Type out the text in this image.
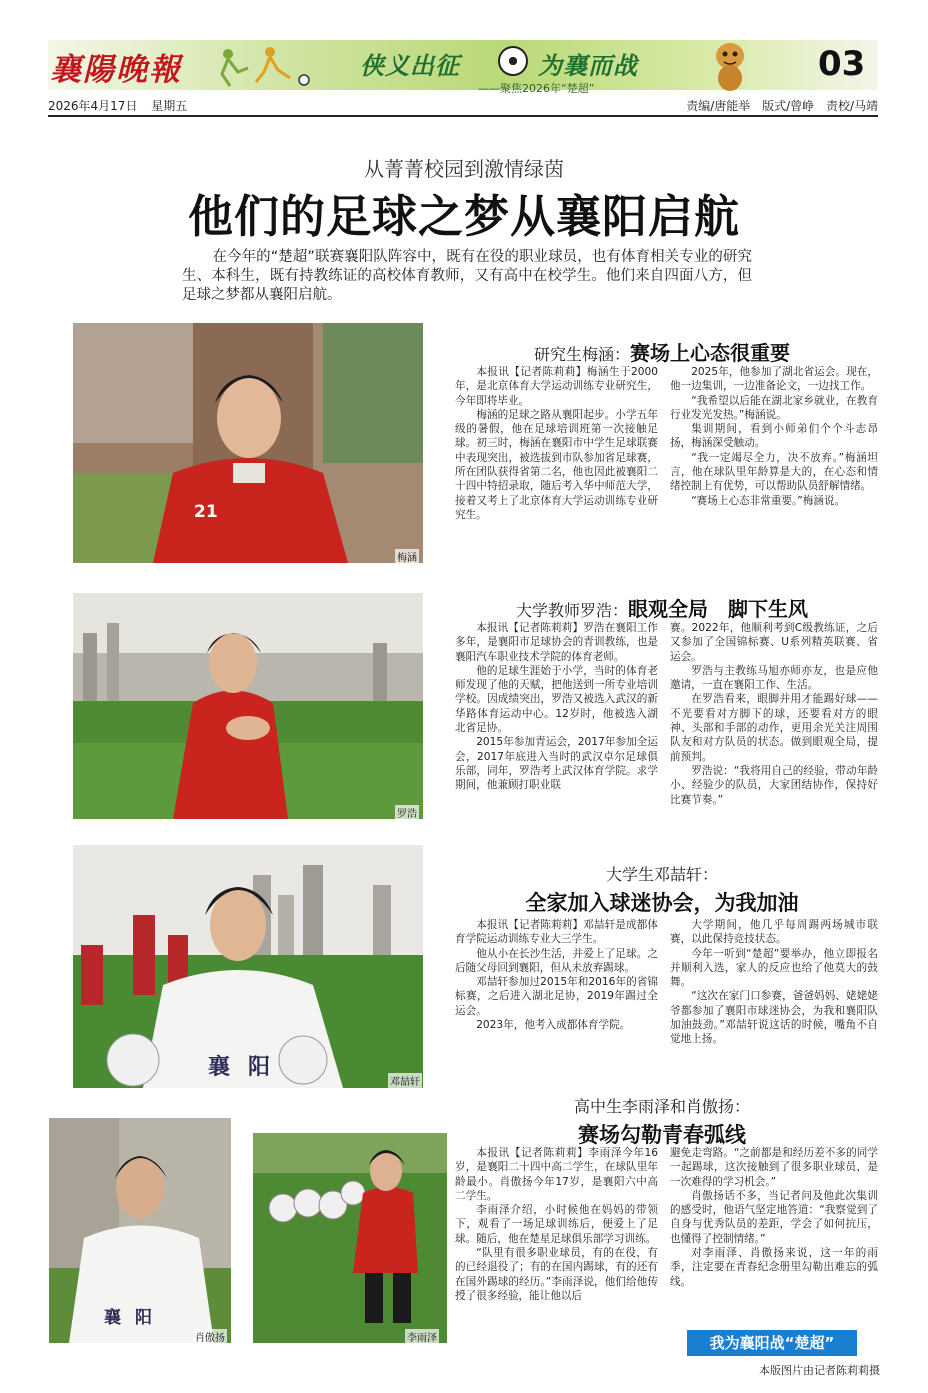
襄陽晚報	侠义出征	为襄而战
——聚焦2026年“楚超”
03
2026年4月17日 星期五	责编/唐能举 版式/曾峥 责校/马靖
从菁菁校园到激情绿茵
他们的足球之梦从襄阳启航
在今年的“楚超”联赛襄阳队阵容中，既有在役的职业球员，也有体育相关专业的研究生、本科生，既有持教练证的高校体育教师，又有高中在校学生。他们来自四面八方，但足球之梦都从襄阳启航。
梅涵
21
研究生梅涵：赛场上心态很重要

本报讯【记者陈莉莉】梅涵生于2000年，是北京体育大学运动训练专业研究生，今年即将毕业。

梅涵的足球之路从襄阳起步。小学五年级的暑假，他在足球培训班第一次接触足球。初三时，梅涵在襄阳市中学生足球联赛中表现突出，被选拔到市队参加省足球赛，所在团队获得省第二名，他也因此被襄阳二十四中特招录取，随后考入华中师范大学，接着又考上了北京体育大学运动训练专业研究生。

2025年，他参加了湖北省运会。现在，他一边集训，一边准备论文，一边找工作。

“我希望以后能在湖北家乡就业，在教育行业发光发热。”梅涵说。

集训期间，看到小师弟们个个斗志昂扬，梅涵深受触动。

“我一定竭尽全力，决不放弃。”梅涵坦言，他在球队里年龄算是大的，在心态和情绪控制上有优势，可以帮助队员舒解情绪。

“赛场上心态非常重要。”梅涵说。

罗浩
大学教师罗浩：眼观全局　脚下生风

本报讯【记者陈莉莉】罗浩在襄阳工作多年，是襄阳市足球协会的青训教练，也是襄阳汽车职业技术学院的体育老师。

他的足球生涯始于小学，当时的体育老师发现了他的天赋，把他送到一所专业培训学校。因成绩突出，罗浩又被选入武汉的新华路体育运动中心。12岁时，他被选入湖北省足协。

2015年参加青运会，2017年参加全运会，2017年底进入当时的武汉卓尔足球俱乐部，同年，罗浩考上武汉体育学院。求学期间，他兼顾打职业联

赛。2022年，他顺利考到C级教练证，之后又参加了全国锦标赛、U系列精英联赛、省运会。

罗浩与主教练马旭亦师亦友，也是应他邀请，一直在襄阳工作、生活。

在罗浩看来，眼脚并用才能踢好球——不光要看对方脚下的球，还要看对方的眼神、头部和手部的动作，更用余光关注周围队友和对方队员的状态。做到眼观全局，提前预判。

罗浩说：“我将用自己的经验，带动年龄小、经验少的队员，大家团结协作，保持好比赛节奏。”

襄阳
邓喆轩
大学生邓喆轩：
全家加入球迷协会，为我加油

本报讯【记者陈莉莉】邓喆轩是成都体育学院运动训练专业大三学生。

他从小在长沙生活，并爱上了足球。之后随父母回到襄阳，但从未放弃踢球。

邓喆轩参加过2015年和2016年的省锦标赛，之后进入湖北足协，2019年踢过全运会。

2023年，他考入成都体育学院。

大学期间，他几乎每周踢两场城市联赛，以此保持竞技状态。

今年一听到“楚超”要举办，他立即报名并顺利入选，家人的反应也给了他莫大的鼓舞。

“这次在家门口参赛，爸爸妈妈、姥姥姥爷都参加了襄阳市球迷协会，为我和襄阳队加油鼓劲。”邓喆轩说这话的时候，嘴角不自觉地上扬。

襄阳
肖傲扬	李雨泽
高中生李雨泽和肖傲扬：
赛场勾勒青春弧线

本报讯【记者陈莉莉】李雨泽今年16岁，是襄阳二十四中高二学生，在球队里年龄最小。肖傲扬今年17岁，是襄阳六中高二学生。

李雨泽介绍，小时候他在妈妈的带领下，观看了一场足球训练后，便爱上了足球。随后，他在楚星足球俱乐部学习训练。

“队里有很多职业球员，有的在役，有的已经退役了；有的在国内踢球，有的还有在国外踢球的经历。”李雨泽说，他们给他传授了很多经验，能让他以后

避免走弯路。“之前都是和经历差不多的同学一起踢球，这次接触到了很多职业球员，是一次难得的学习机会。”

肖傲扬话不多，当记者问及他此次集训的感受时，他语气坚定地答道：“我察觉到了自身与优秀队员的差距，学会了如何抗压，也懂得了控制情绪。”

对李雨泽、肖傲扬来说，这一年的雨季，注定要在青春纪念册里勾勒出难忘的弧线。

我为襄阳战“楚超”
本版图片由记者陈莉莉摄
